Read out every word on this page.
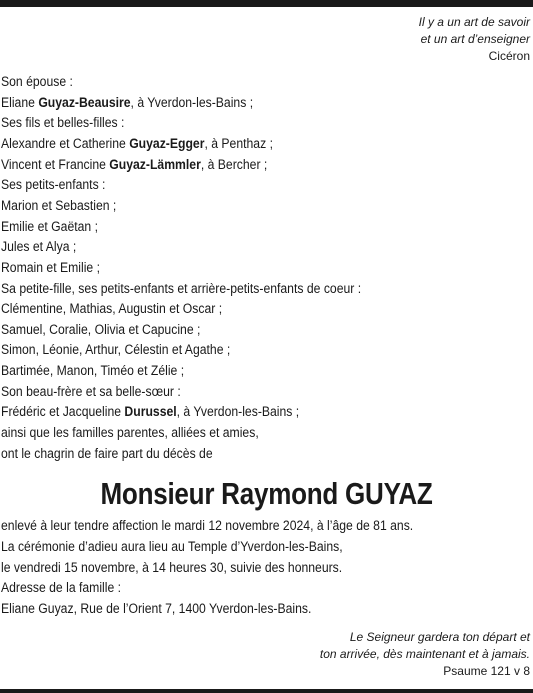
Il y a un art de savoir
et un art d’enseigner
Cicéron
Son épouse :
Eliane Guyaz-Beausire, à Yverdon-les-Bains ;
Ses fils et belles-filles :
Alexandre et Catherine Guyaz-Egger, à Penthaz ;
Vincent et Francine Guyaz-Lämmler, à Bercher ;
Ses petits-enfants :
Marion et Sebastien ;
Emilie et Gaëtan ;
Jules et Alya ;
Romain et Emilie ;
Sa petite-fille, ses petits-enfants et arrière-petits-enfants de coeur :
Clémentine, Mathias, Augustin et Oscar ;
Samuel, Coralie, Olivia et Capucine ;
Simon, Léonie, Arthur, Célestin et Agathe ;
Bartimée, Manon, Timéo et Zélie ;
Son beau-frère et sa belle-sœur :
Frédéric et Jacqueline Durussel, à Yverdon-les-Bains ;
ainsi que les familles parentes, alliées et amies,
ont le chagrin de faire part du décès de
Monsieur Raymond GUYAZ
enlevé à leur tendre affection le mardi 12 novembre 2024, à l’âge de 81 ans.
La cérémonie d’adieu aura lieu au Temple d’Yverdon-les-Bains,
le vendredi 15 novembre, à 14 heures 30, suivie des honneurs.
Adresse de la famille :
Eliane Guyaz, Rue de l’Orient 7, 1400 Yverdon-les-Bains.
Le Seigneur gardera ton départ et
ton arrivée, dès maintenant et à jamais.
Psaume 121 v 8
